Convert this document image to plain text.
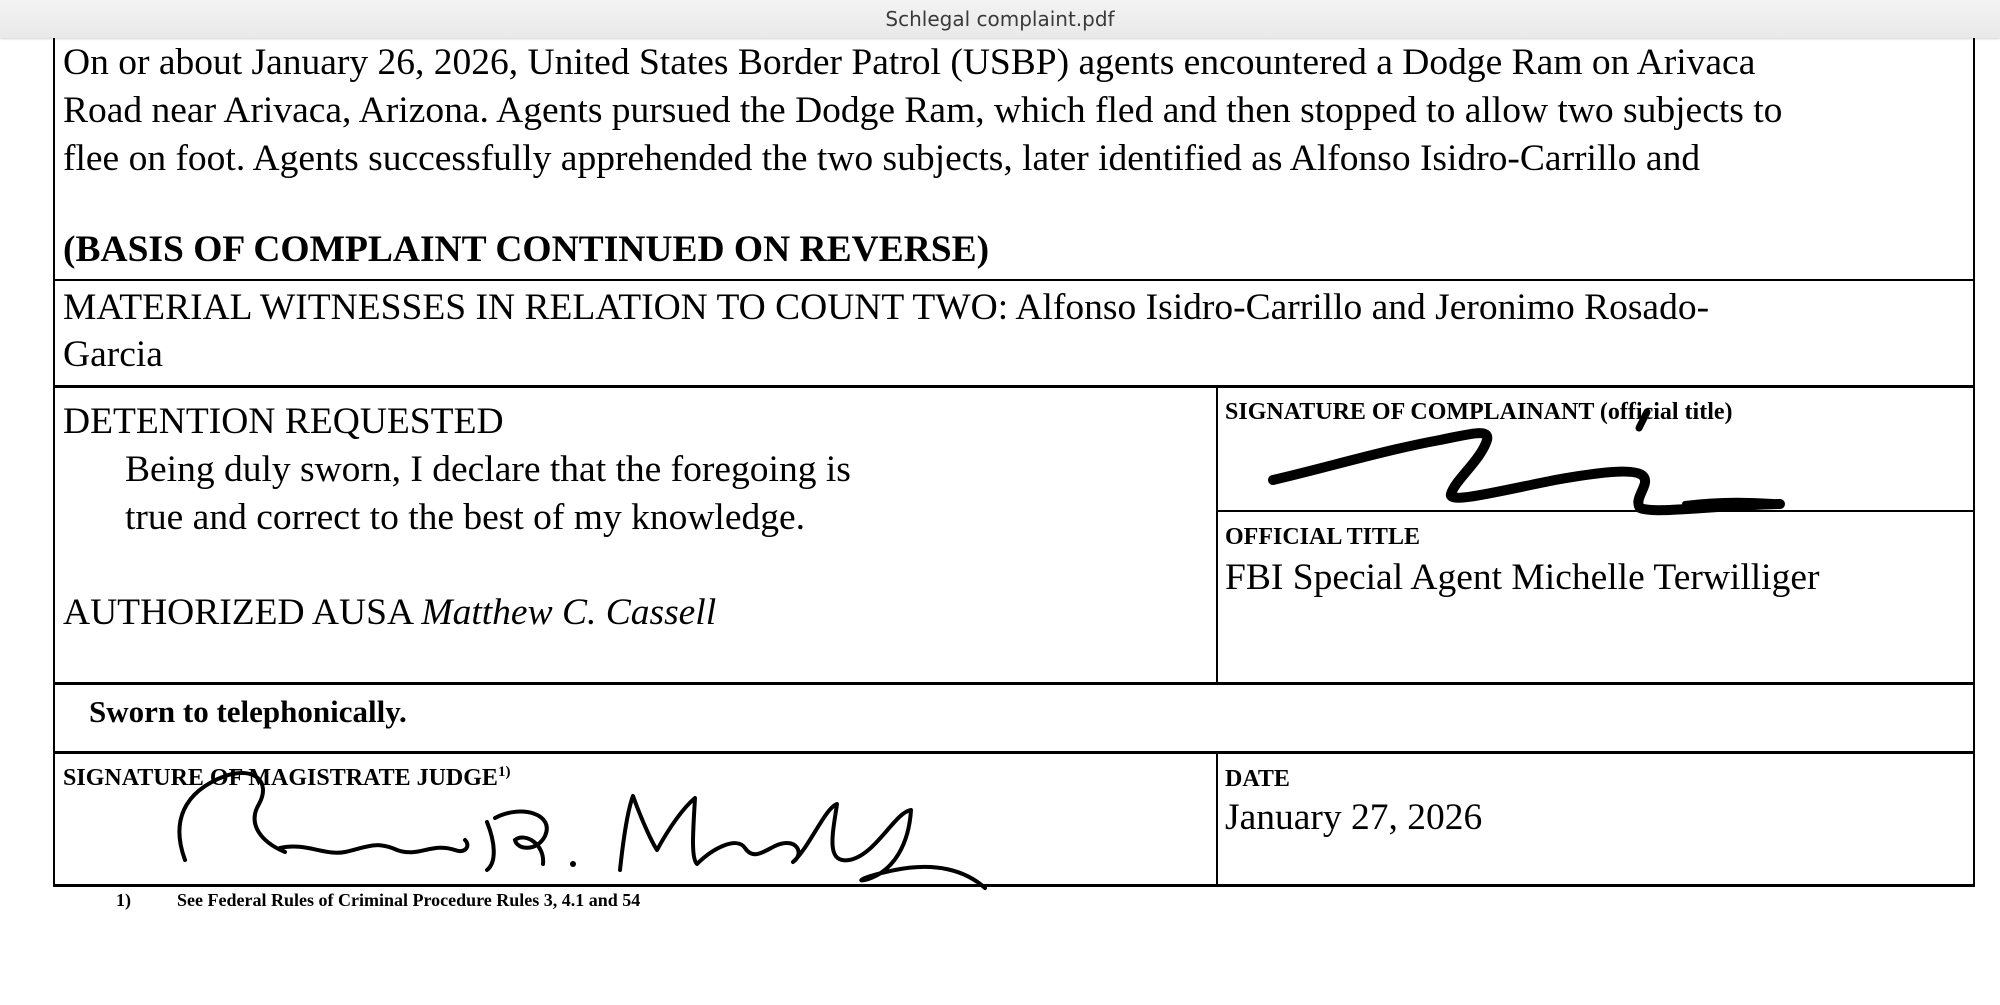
Schlegal complaint.pdf
On or about January 26, 2026, United States Border Patrol (USBP) agents encountered a Dodge Ram on Arivaca
Road near Arivaca, Arizona. Agents pursued the Dodge Ram, which fled and then stopped to allow two subjects to
flee on foot. Agents successfully apprehended the two subjects, later identified as Alfonso Isidro-Carrillo and
(BASIS OF COMPLAINT CONTINUED ON REVERSE)
MATERIAL WITNESSES IN RELATION TO COUNT TWO: Alfonso Isidro-Carrillo and Jeronimo Rosado-
Garcia
DETENTION REQUESTED
Being duly sworn, I declare that the foregoing is
true and correct to the best of my knowledge.
AUTHORIZED AUSA Matthew C. Cassell
SIGNATURE OF COMPLAINANT (official title)
OFFICIAL TITLE
FBI Special Agent Michelle Terwilliger
Sworn to telephonically.
SIGNATURE OF MAGISTRATE JUDGE$^{1)}$	DATE
January 27, 2026
1)	See Federal Rules of Criminal Procedure Rules 3, 4.1 and 54
